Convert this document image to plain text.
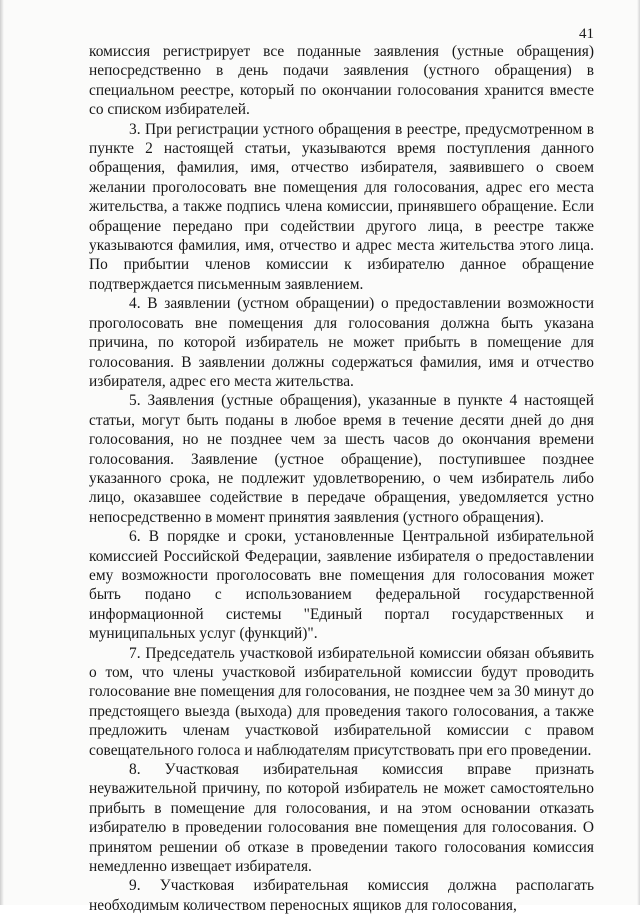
41

комиссия регистрирует все поданные заявления (устные обращения) непосредственно в день подачи заявления (устного обращения) в специальном реестре, который по окончании голосования хранится вместе со списком избирателей.

3. При регистрации устного обращения в реестре, предусмотренном в пункте 2 настоящей статьи, указываются время поступления данного обращения, фамилия, имя, отчество избирателя, заявившего о своем желании проголосовать вне помещения для голосования, адрес его места жительства, а также подпись члена комиссии, принявшего обращение. Если обращение передано при содействии другого лица, в реестре также указываются фамилия, имя, отчество и адрес места жительства этого лица. По прибытии членов комиссии к избирателю данное обращение подтверждается письменным заявлением.

4. В заявлении (устном обращении) о предоставлении возможности проголосовать вне помещения для голосования должна быть указана причина, по которой избиратель не может прибыть в помещение для голосования. В заявлении должны содержаться фамилия, имя и отчество избирателя, адрес его места жительства.

5. Заявления (устные обращения), указанные в пункте 4 настоящей статьи, могут быть поданы в любое время в течение десяти дней до дня голосования, но не позднее чем за шесть часов до окончания времени голосования. Заявление (устное обращение), поступившее позднее указанного срока, не подлежит удовлетворению, о чем избиратель либо лицо, оказавшее содействие в передаче обращения, уведомляется устно непосредственно в момент принятия заявления (устного обращения).

6. В порядке и сроки, установленные Центральной избирательной комиссией Российской Федерации, заявление избирателя о предоставлении ему возможности проголосовать вне помещения для голосования может быть подано с использованием федеральной государственной информационной системы "Единый портал государственных и муниципальных услуг (функций)".

7. Председатель участковой избирательной комиссии обязан объявить о том, что члены участковой избирательной комиссии будут проводить голосование вне помещения для голосования, не позднее чем за 30 минут до предстоящего выезда (выхода) для проведения такого голосования, а также предложить членам участковой избирательной комиссии с правом совещательного голоса и наблюдателям присутствовать при его проведении.

8. Участковая избирательная комиссия вправе признать неуважительной причину, по которой избиратель не может самостоятельно прибыть в помещение для голосования, и на этом основании отказать избирателю в проведении голосования вне помещения для голосования. О принятом решении об отказе в проведении такого голосования комиссия немедленно извещает избирателя.

9. Участковая избирательная комиссия должна располагать необходимым количеством переносных ящиков для голосования,
